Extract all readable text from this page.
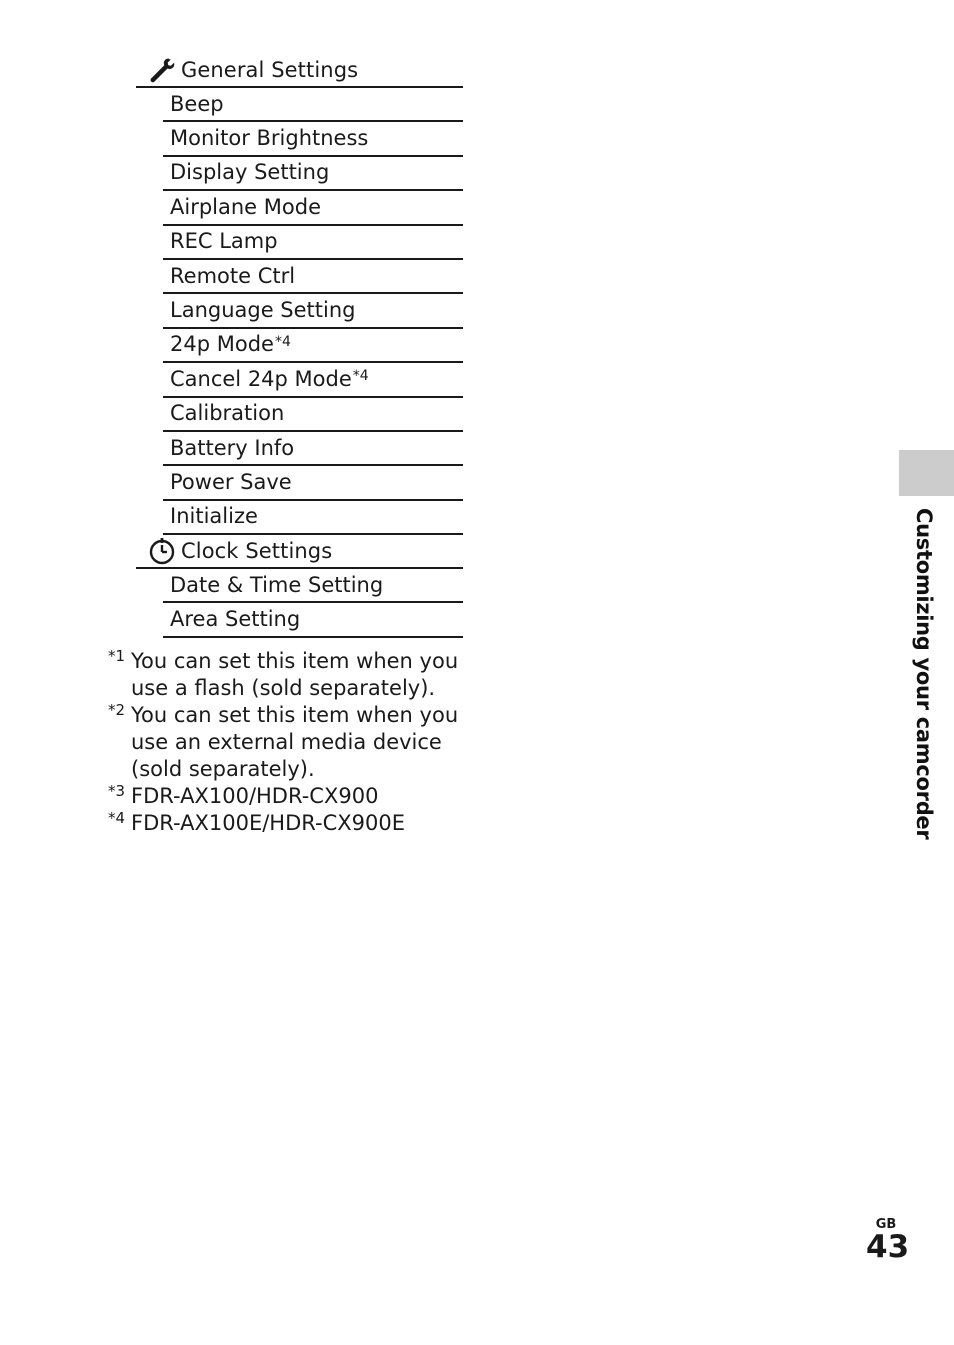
General Settings
Beep
Monitor Brightness
Display Setting
Airplane Mode
REC Lamp
Remote Ctrl
Language Setting
24p Mode$^{*4}$
Cancel 24p Mode$^{*4}$
Calibration
Battery Info
Power Save
Initialize
Clock Settings
Date & Time Setting
Area Setting
*1 You can set this item when you
use a flash (sold separately).
*2 You can set this item when you
use an external media device
(sold separately).
*3 FDR-AX100/HDR-CX900
*4 FDR-AX100E/HDR-CX900E	Customizing your camcorder
GB
43
